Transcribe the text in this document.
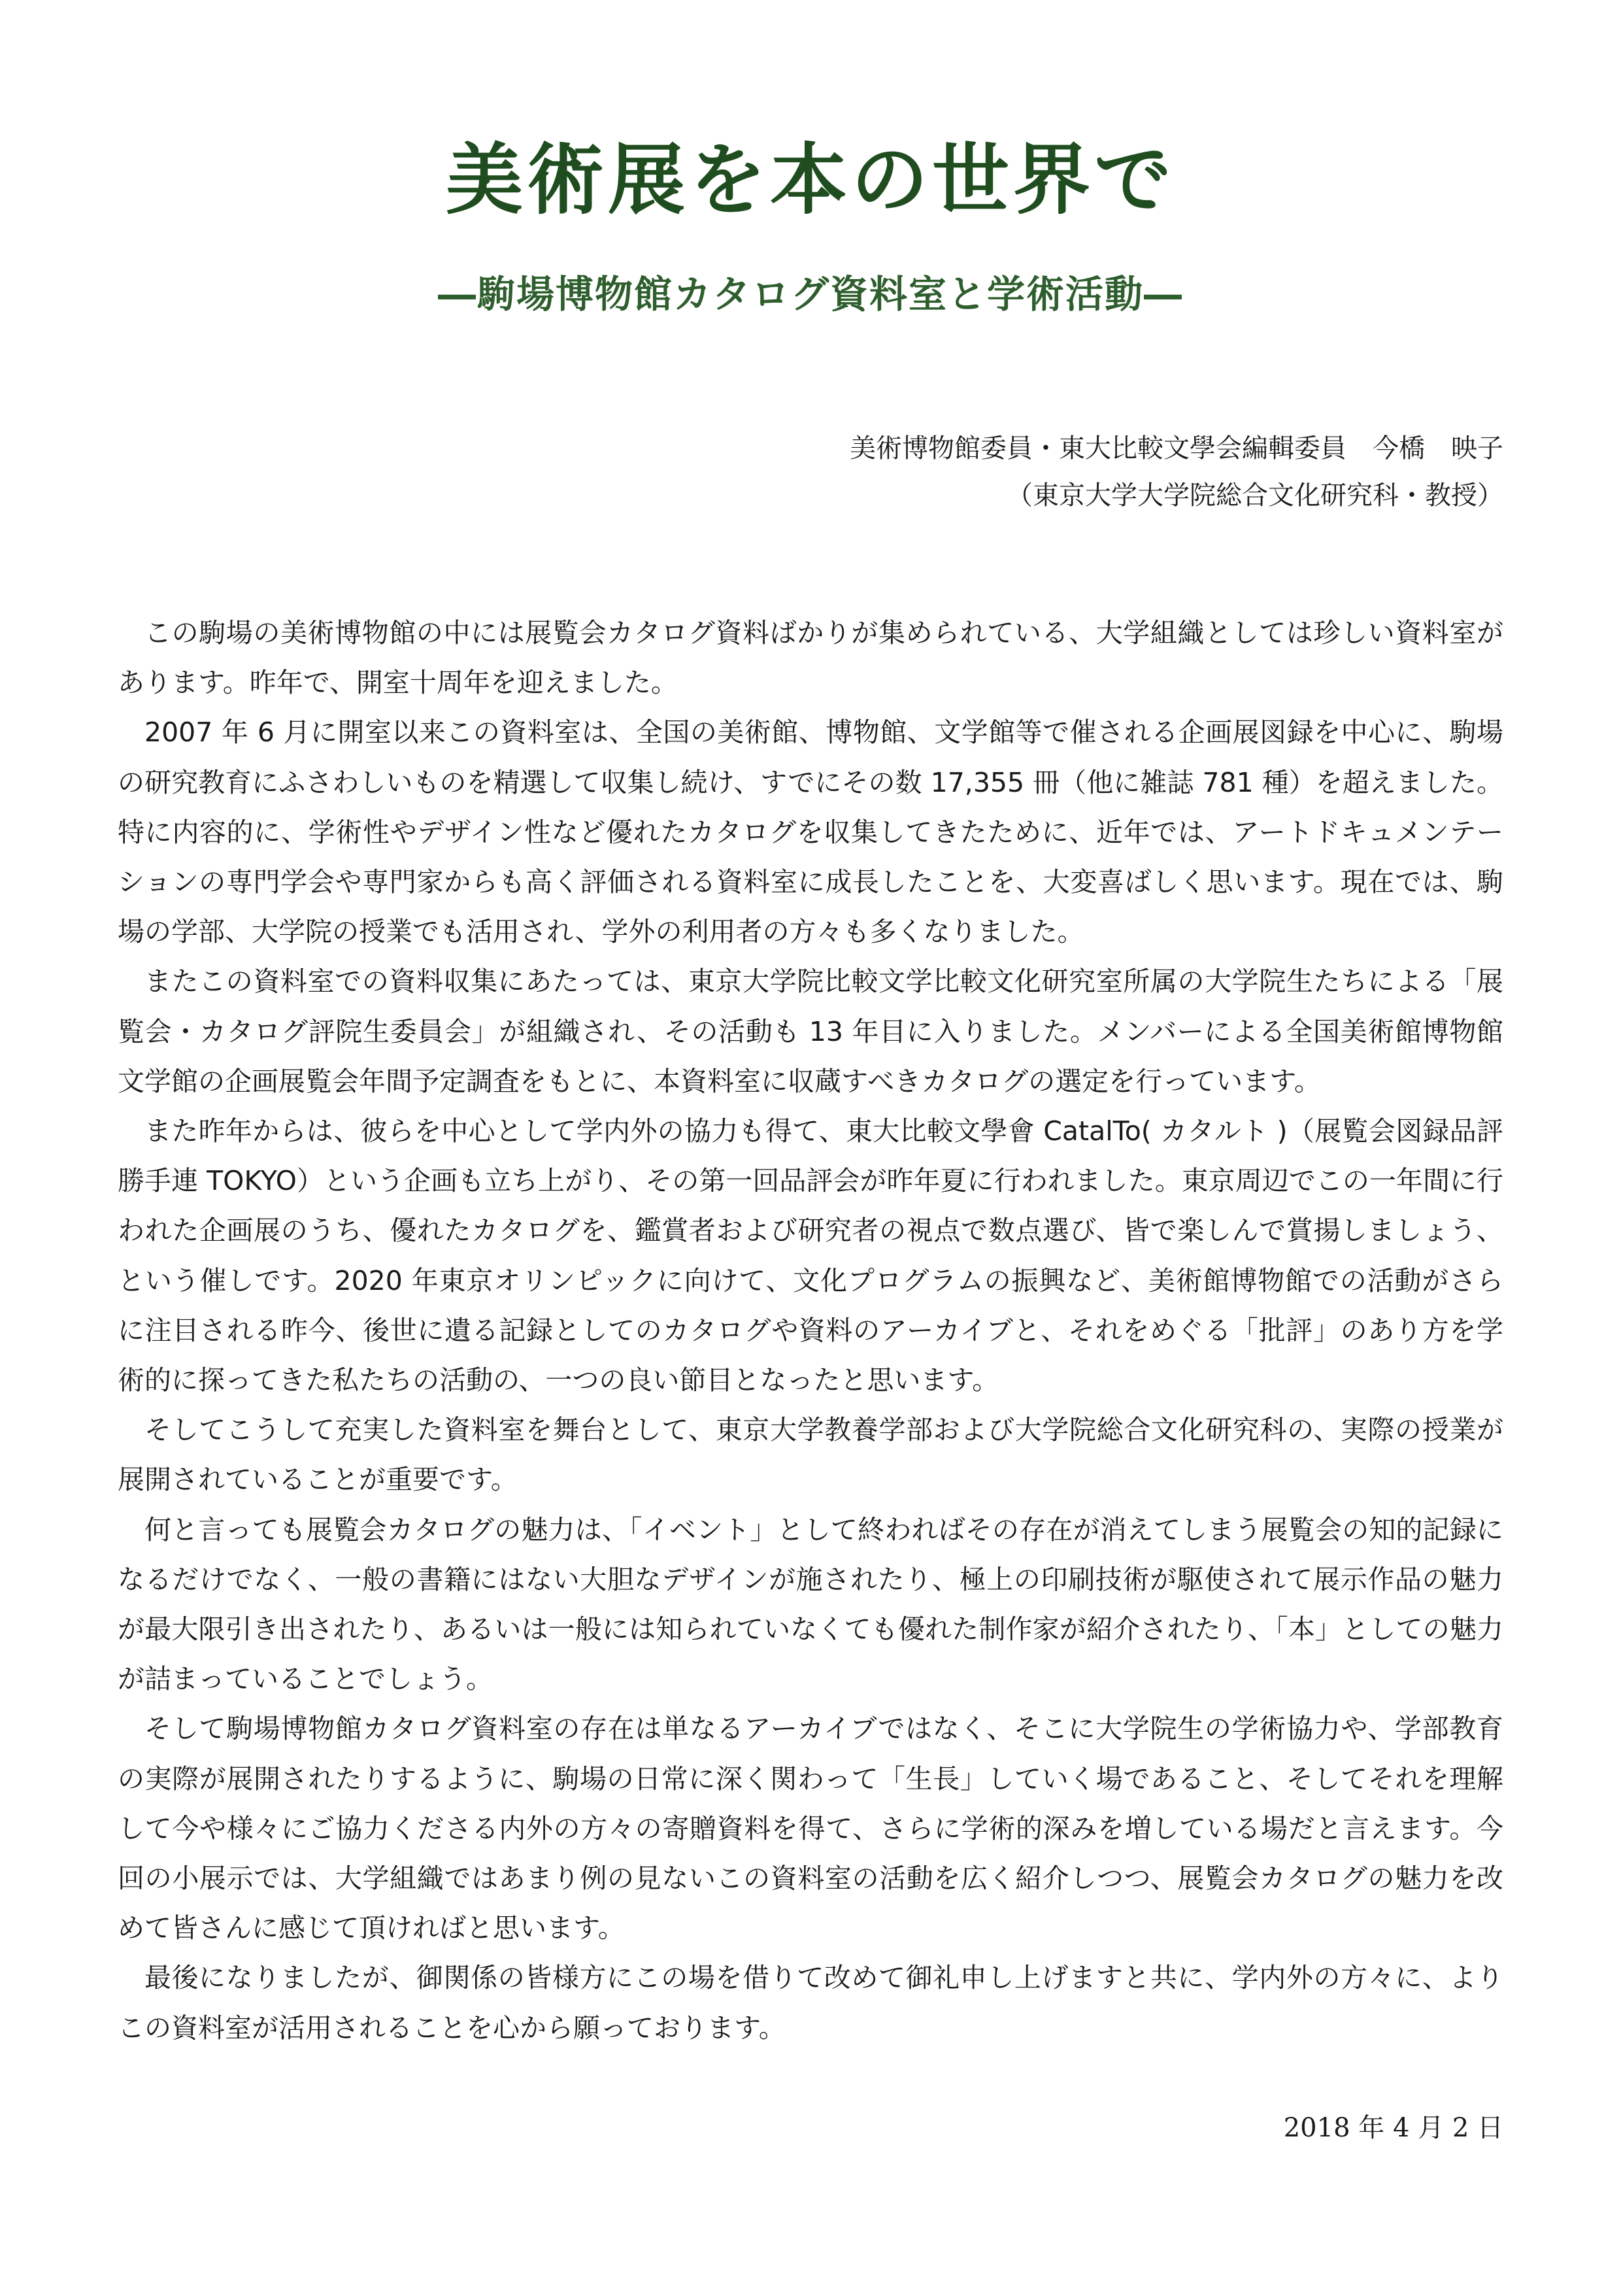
美術展を本の世界で
―駒場博物館カタログ資料室と学術活動―
美術博物館委員・東大比較文學会編輯委員　今橋　映子
（東京大学大学院総合文化研究科・教授）

この駒場の美術博物館の中には展覧会カタログ資料ばかりが集められている、大学組織としては珍しい資料室があります。昨年で、開室十周年を迎えました。

2007 年 6 月に開室以来この資料室は、全国の美術館、博物館、文学館等で催される企画展図録を中心に、駒場の研究教育にふさわしいものを精選して収集し続け、すでにその数 17,355 冊（他に雑誌 781 種）を超えました。特に内容的に、学術性やデザイン性など優れたカタログを収集してきたために、近年では、アートドキュメンテーションの専門学会や専門家からも高く評価される資料室に成長したことを、大変喜ばしく思います。現在では、駒場の学部、大学院の授業でも活用され、学外の利用者の方々も多くなりました。

またこの資料室での資料収集にあたっては、東京大学院比較文学比較文化研究室所属の大学院生たちによる「展覧会・カタログ評院生委員会」が組織され、その活動も 13 年目に入りました。メンバーによる全国美術館博物館文学館の企画展覧会年間予定調査をもとに、本資料室に収蔵すべきカタログの選定を行っています。

また昨年からは、彼らを中心として学内外の協力も得て、東大比較文學會 CatalTo( カタルト )（展覧会図録品評勝手連 TOKYO）という企画も立ち上がり、その第一回品評会が昨年夏に行われました。東京周辺でこの一年間に行われた企画展のうち、優れたカタログを、鑑賞者および研究者の視点で数点選び、皆で楽しんで賞揚しましょう、という催しです。2020 年東京オリンピックに向けて、文化プログラムの振興など、美術館博物館での活動がさらに注目される昨今、後世に遺る記録としてのカタログや資料のアーカイブと、それをめぐる「批評」のあり方を学術的に探ってきた私たちの活動の、一つの良い節目となったと思います。

そしてこうして充実した資料室を舞台として、東京大学教養学部および大学院総合文化研究科の、実際の授業が展開されていることが重要です。

何と言っても展覧会カタログの魅力は、「イベント」として終わればその存在が消えてしまう展覧会の知的記録になるだけでなく、一般の書籍にはない大胆なデザインが施されたり、極上の印刷技術が駆使されて展示作品の魅力が最大限引き出されたり、あるいは一般には知られていなくても優れた制作家が紹介されたり、「本」としての魅力が詰まっていることでしょう。

そして駒場博物館カタログ資料室の存在は単なるアーカイブではなく、そこに大学院生の学術協力や、学部教育の実際が展開されたりするように、駒場の日常に深く関わって「生長」していく場であること、そしてそれを理解して今や様々にご協力くださる内外の方々の寄贈資料を得て、さらに学術的深みを増している場だと言えます。今回の小展示では、大学組織ではあまり例の見ないこの資料室の活動を広く紹介しつつ、展覧会カタログの魅力を改めて皆さんに感じて頂ければと思います。

最後になりましたが、御関係の皆様方にこの場を借りて改めて御礼申し上げますと共に、学内外の方々に、よりこの資料室が活用されることを心から願っております。

2018 年 4 月 2 日
